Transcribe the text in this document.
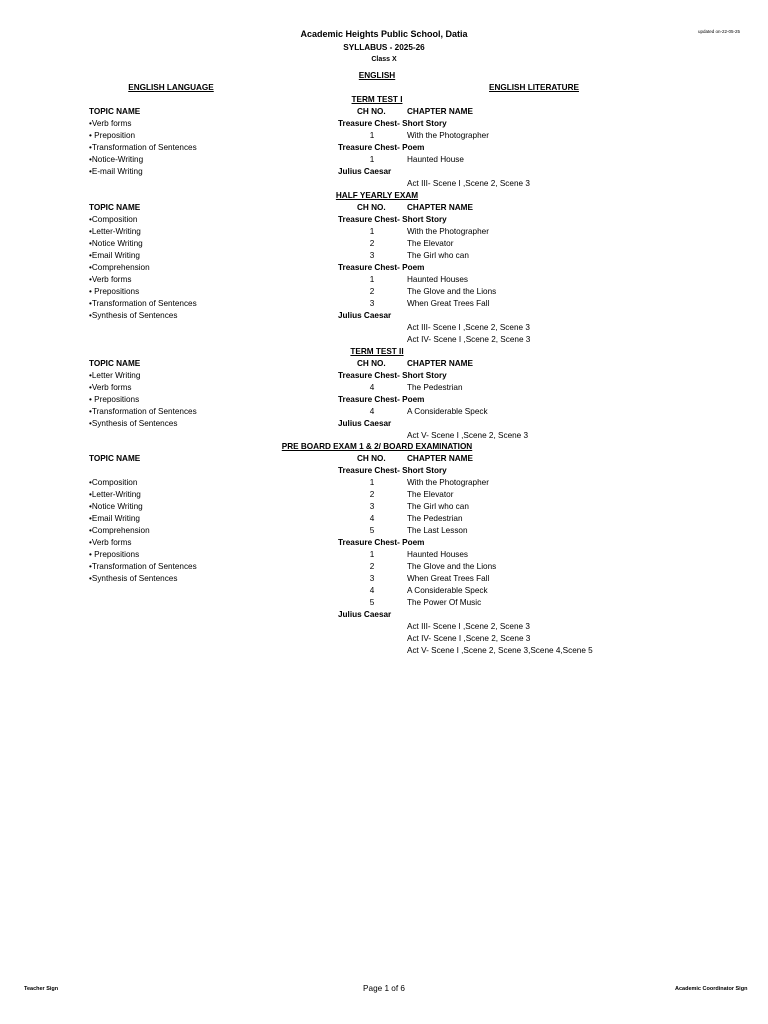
Academic Heights Public School, Datia
SYLLABUS - 2025-26
Class X
updated on-22-05-25
ENGLISH
ENGLISH LANGUAGE	ENGLISH LITERATURE
TERM TEST I
TOPIC NAME	CH NO.	CHAPTER NAME
•Verb forms
• Preposition
•Transformation of Sentences
•Notice-Writing
•E-mail Writing
Treasure Chest- Short Story
1	With the Photographer
Treasure Chest- Poem
1	Haunted House
Julius Caesar
Act III- Scene I ,Scene 2, Scene 3
HALF YEARLY EXAM
TOPIC NAME	CH NO.	CHAPTER NAME
•Composition
•Letter-Writing
•Notice Writing
•Email Writing
•Comprehension
•Verb forms
• Prepositions
•Transformation of Sentences
•Synthesis of Sentences
Treasure Chest- Short Story
1	With the Photographer
2	The Elevator
3	The Girl who can
Treasure Chest- Poem
1	Haunted Houses
2	The Glove and the Lions
3	When Great Trees Fall
Julius Caesar
Act III- Scene I ,Scene 2, Scene 3
Act IV- Scene I ,Scene 2, Scene 3
TERM TEST II
TOPIC NAME	CH NO.	CHAPTER NAME
•Letter Writing
•Verb forms
• Prepositions
•Transformation of Sentences
•Synthesis of Sentences
Treasure Chest- Short Story
4	The Pedestrian
Treasure Chest- Poem
4	A Considerable Speck
Julius Caesar
Act V- Scene I ,Scene 2, Scene 3
PRE BOARD EXAM 1 & 2/ BOARD EXAMINATION
TOPIC NAME	CH NO.	CHAPTER NAME
•Composition
•Letter-Writing
•Notice Writing
•Email Writing
•Comprehension
•Verb forms
• Prepositions
•Transformation of Sentences
•Synthesis of Sentences
Treasure Chest- Short Story
1	With the Photographer
2	The Elevator
3	The Girl who can
4	The Pedestrian
5	The Last Lesson
Treasure Chest- Poem
1	Haunted Houses
2	The Glove and the Lions
3	When Great Trees Fall
4	A Considerable Speck
5	The Power Of Music
Julius Caesar
Act III- Scene I ,Scene 2, Scene 3
Act IV- Scene I ,Scene 2, Scene 3
Act V- Scene I ,Scene 2, Scene 3,Scene 4,Scene 5
Teacher Sign	Page 1 of 6	Academic Coordinator Sign
